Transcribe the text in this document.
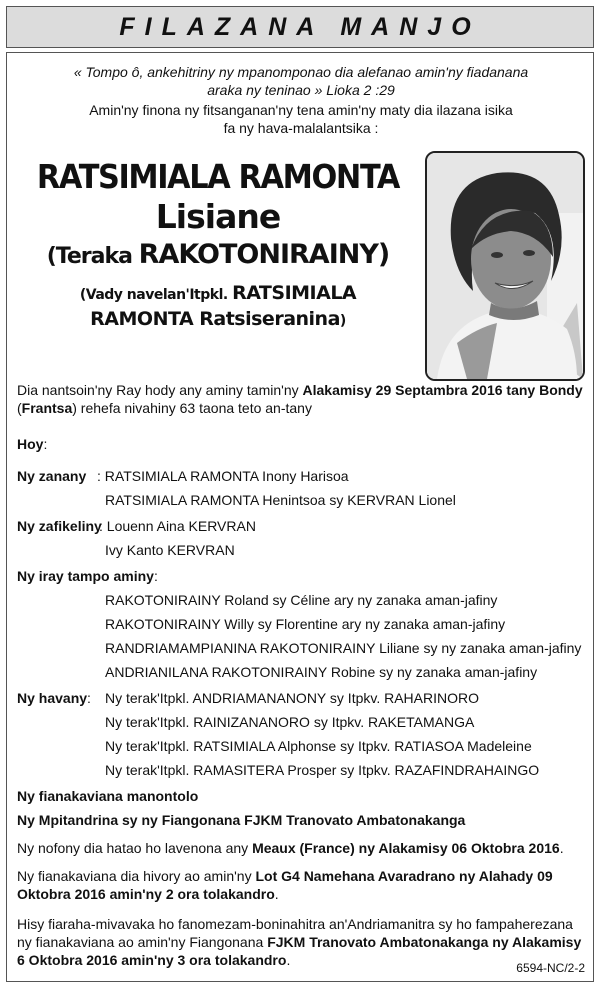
FILAZANA MANJO
« Tompo ô, ankehitriny ny mpanomponao dia alefanao amin'ny fiadanana
araka ny teninao » Lioka 2 :29
Amin'ny finona ny fitsanganan'ny tena amin'ny maty dia ilazana isika
fa ny hava-malalantsika :
RATSIMIALA RAMONTA
Lisiane
(Teraka RAKOTONIRAINY)
(Vady navelan'Itpkl. RATSIMIALA
RAMONTA Ratsiseranina)
Dia nantsoin'ny Ray hody any aminy tamin'ny Alakamisy 29 Septambra 2016 tany Bondy
(Frantsa) rehefa nivahiny 63 taona teto an-tany
Hoy:
Ny zanany : RATSIMIALA RAMONTA Inony Harisoa
RATSIMIALA RAMONTA Henintsoa sy KERVRAN Lionel
Ny zafikeliny
: Louenn Aina KERVRAN
Ivy Kanto KERVRAN
Ny iray tampo aminy:
RAKOTONIRAINY Roland sy Céline ary ny zanaka aman-jafiny
RAKOTONIRAINY Willy sy Florentine ary ny zanaka aman-jafiny
RANDRIAMAMPIANINA RAKOTONIRAINY Liliane sy ny zanaka aman-jafiny
ANDRIANILANA RAKOTONIRAINY Robine sy ny zanaka aman-jafiny
Ny havany: Ny terak'Itpkl. ANDRIAMANANONY sy Itpkv. RAHARINORO
Ny terak'Itpkl. RAINIZANANORO sy Itpkv. RAKETAMANGA
Ny terak'Itpkl. RATSIMIALA Alphonse sy Itpkv. RATIASOA Madeleine
Ny terak'Itpkl. RAMASITERA Prosper sy Itpkv. RAZAFINDRAHAINGO
Ny fianakaviana manontolo
Ny Mpitandrina sy ny Fiangonana FJKM Tranovato Ambatonakanga
Ny nofony dia hatao ho lavenona any Meaux (France) ny Alakamisy 06 Oktobra 2016.
Ny fianakaviana dia hivory ao amin'ny Lot G4 Namehana Avaradrano ny Alahady 09 Oktobra 2016 amin'ny 2 ora tolakandro.
Hisy fiaraha-mivavaka ho fanomezam-boninahitra an'Andriamanitra sy ho fampaherezana ny fianakaviana ao amin'ny Fiangonana FJKM Tranovato Ambatonakanga ny Alakamisy 6 Oktobra 2016 amin'ny 3 ora tolakandro.	6594-NC/2-2
